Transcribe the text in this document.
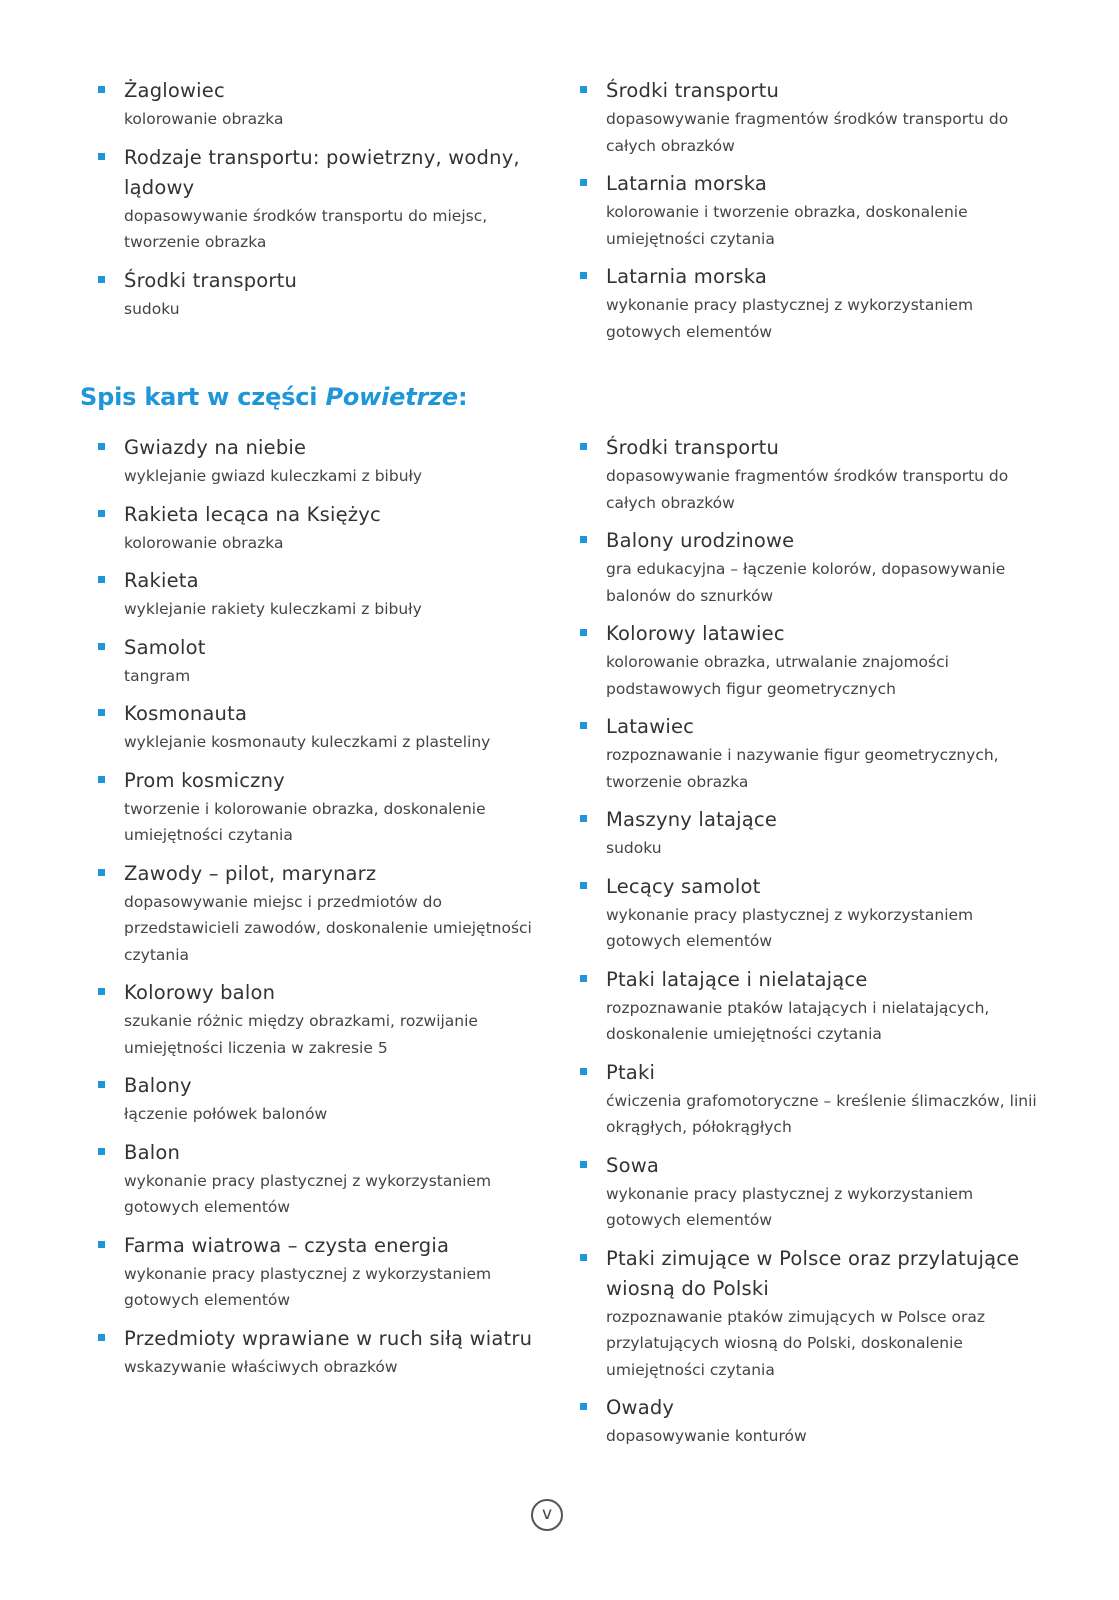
Żaglowiec
kolorowanie obrazka
Rodzaje transportu: powietrzny, wodny, lądowy
dopasowywanie środków transportu do miejsc, tworzenie obrazka
Środki transportu
sudoku
Środki transportu
dopasowywanie fragmentów środków transportu do całych obrazków
Latarnia morska
kolorowanie i tworzenie obrazka, doskonalenie umiejętności czytania
Latarnia morska
wykonanie pracy plastycznej z wykorzystaniem gotowych elementów
Spis kart w części Powietrze:
Gwiazdy na niebie
wyklejanie gwiazd kuleczkami z bibuły
Rakieta lecąca na Księżyc
kolorowanie obrazka
Rakieta
wyklejanie rakiety kuleczkami z bibuły
Samolot
tangram
Kosmonauta
wyklejanie kosmonauty kuleczkami z plasteliny
Prom kosmiczny
tworzenie i kolorowanie obrazka, doskonalenie umiejętności czytania
Zawody – pilot, marynarz
dopasowywanie miejsc i przedmiotów do przedstawicieli zawodów, doskonalenie umiejętności czytania
Kolorowy balon
szukanie różnic między obrazkami, rozwijanie umiejętności liczenia w zakresie 5
Balony
łączenie połówek balonów
Balon
wykonanie pracy plastycznej z wykorzystaniem gotowych elementów
Farma wiatrowa – czysta energia
wykonanie pracy plastycznej z wykorzystaniem gotowych elementów
Przedmioty wprawiane w ruch siłą wiatru
wskazywanie właściwych obrazków
Środki transportu
dopasowywanie fragmentów środków transportu do całych obrazków
Balony urodzinowe
gra edukacyjna – łączenie kolorów, dopasowywanie balonów do sznurków
Kolorowy latawiec
kolorowanie obrazka, utrwalanie znajomości podstawowych figur geometrycznych
Latawiec
rozpoznawanie i nazywanie figur geometrycznych, tworzenie obrazka
Maszyny latające
sudoku
Lecący samolot
wykonanie pracy plastycznej z wykorzystaniem gotowych elementów
Ptaki latające i nielatające
rozpoznawanie ptaków latających i nielatających, doskonalenie umiejętności czytania
Ptaki
ćwiczenia grafomotoryczne – kreślenie ślimaczków, linii okrągłych, półokrągłych
Sowa
wykonanie pracy plastycznej z wykorzystaniem gotowych elementów
Ptaki zimujące w Polsce oraz przylatujące wiosną do Polski
rozpoznawanie ptaków zimujących w Polsce oraz przylatujących wiosną do Polski, doskonalenie umiejętności czytania
Owady
dopasowywanie konturów
v
